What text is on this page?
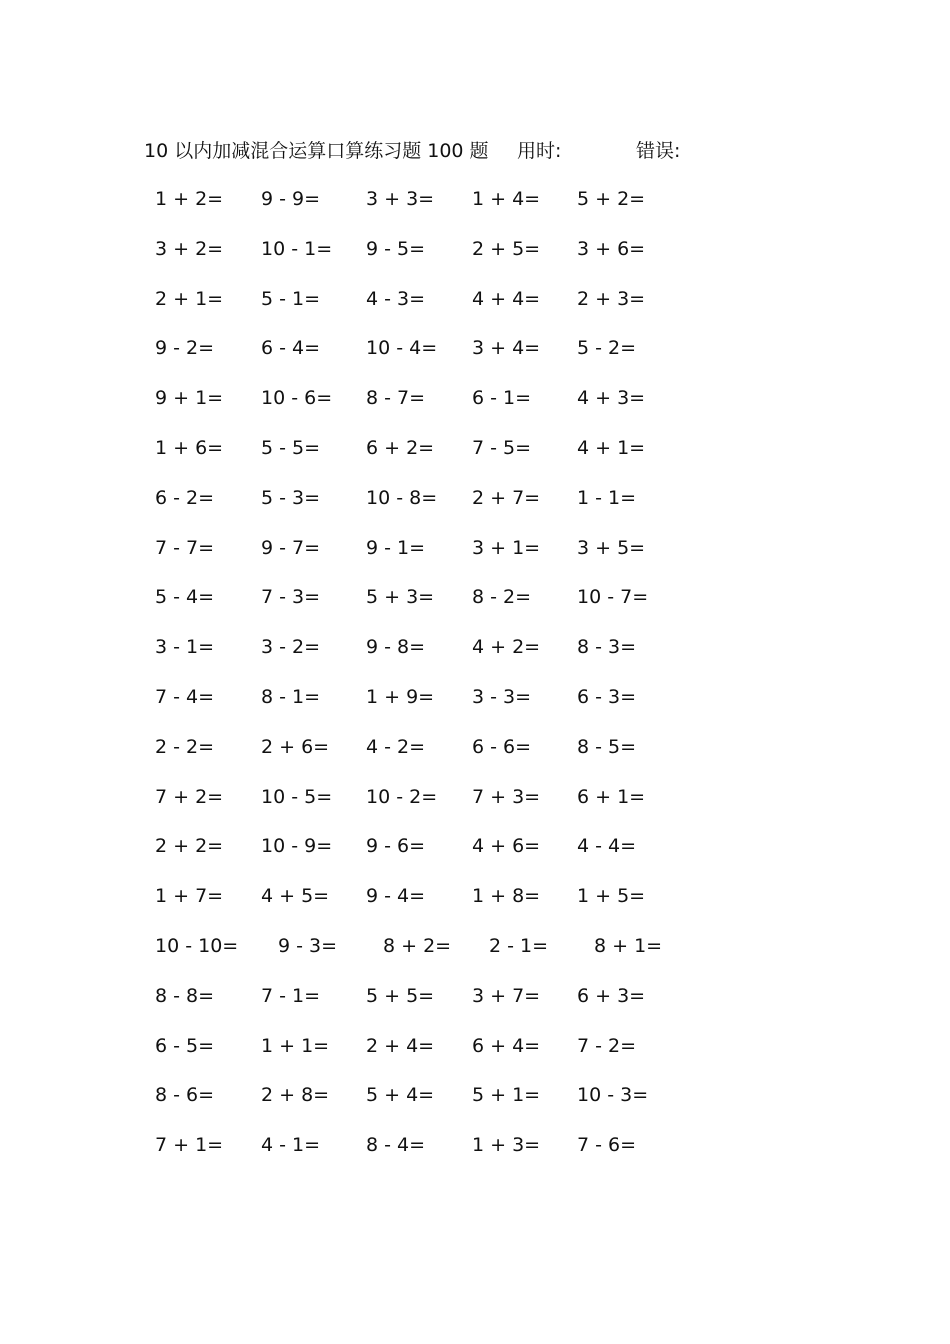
10 以内加减混合运算口算练习题 100 题 用时:	错误:
1 + 2= 9 - 9= 3 + 3= 1 + 4= 5 + 2=
3 + 2= 10 - 1= 9 - 5= 2 + 5= 3 + 6=
2 + 1= 5 - 1= 4 - 3= 4 + 4= 2 + 3=
9 - 2= 6 - 4= 10 - 4= 3 + 4= 5 - 2=
9 + 1= 10 - 6= 8 - 7= 6 - 1= 4 + 3=
1 + 6= 5 - 5= 6 + 2= 7 - 5= 4 + 1=
6 - 2= 5 - 3= 10 - 8= 2 + 7= 1 - 1=
7 - 7= 9 - 7= 9 - 1= 3 + 1= 3 + 5=
5 - 4= 7 - 3= 5 + 3= 8 - 2= 10 - 7=
3 - 1= 3 - 2= 9 - 8= 4 + 2= 8 - 3=
7 - 4= 8 - 1= 1 + 9= 3 - 3= 6 - 3=
2 - 2= 2 + 6= 4 - 2= 6 - 6= 8 - 5=
7 + 2= 10 - 5= 10 - 2= 7 + 3= 6 + 1=
2 + 2= 10 - 9= 9 - 6= 4 + 6= 4 - 4=
1 + 7= 4 + 5= 9 - 4= 1 + 8= 1 + 5=
10 - 10= 9 - 3= 8 + 2= 2 - 1= 8 + 1=
8 - 8= 7 - 1= 5 + 5= 3 + 7= 6 + 3=
6 - 5= 1 + 1= 2 + 4= 6 + 4= 7 - 2=
8 - 6= 2 + 8= 5 + 4= 5 + 1= 10 - 3=
7 + 1= 4 - 1= 8 - 4= 1 + 3= 7 - 6=
